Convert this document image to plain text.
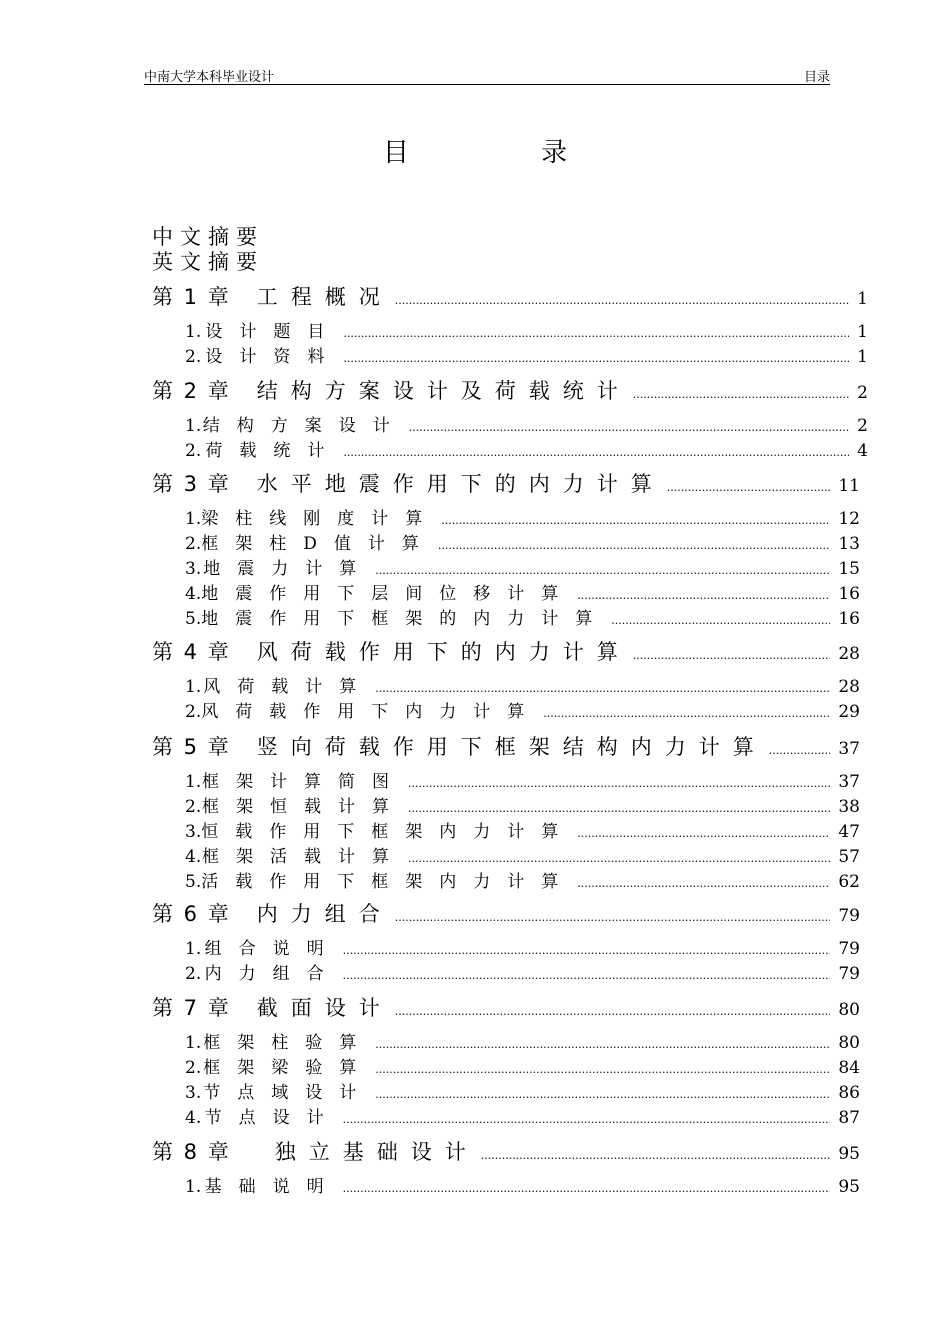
中南大学本科毕业设计	目录
目 录
中文摘要
英文摘要
第 1 章 工程概况 .....	1
1. 设计题目 .....	1
2. 设计资料 .....	1
第 2 章 结构方案设计及荷载统计 .....	2
1. 结构方案设计 .....	2
2. 荷载统计 .....	4
第 3 章 水平地震作用下的内力计算 .....	11
1. 梁柱线刚度计算 .....	12
2. 框架柱D值计算 .....	13
3. 地震力计算 .....	15
4. 地震作用下层间位移计算 .....	16
5. 地震作用下框架的内力计算 .....	16
第 4 章 风荷载作用下的内力计算 .....	28
1. 风荷载计算 .....	28
2. 风荷载作用下内力计算 .....	29
第 5 章 竖向荷载作用下框架结构内力计算 .....	37
1. 框架计算简图 .....	37
2. 框架恒载计算 .....	38
3. 恒载作用下框架内力计算 .....	47
4. 框架活载计算 .....	57
5. 活载作用下框架内力计算 .....	62
第 6 章 内力组合 .....	79
1. 组合说明 .....	79
2. 内力组合 .....	79
第 7 章 截面设计 .....	80
1. 框架柱验算 .....	80
2. 框架梁验算 .....	84
3. 节点域设计 .....	86
4. 节点设计 .....	87
第 8 章 独立基础设计 .....	95
1. 基础说明 .....	95
